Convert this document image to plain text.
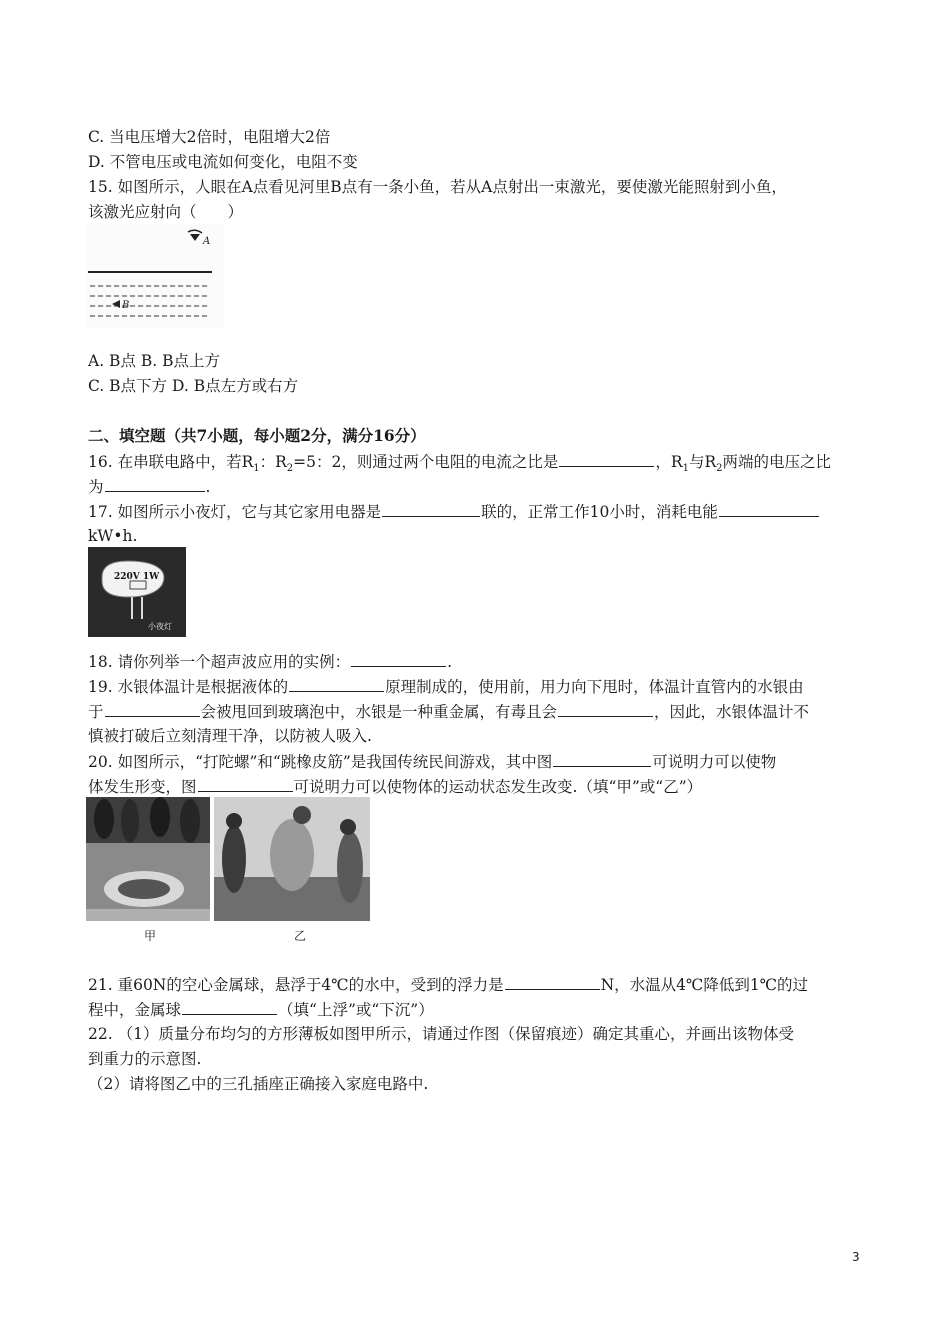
C. 当电压增大2倍时，电阻增大2倍
D. 不管电压或电流如何变化，电阻不变
15. 如图所示，人眼在A点看见河里B点有一条小鱼，若从A点射出一束激光，要使激光能照射到小鱼，
该激光应射向（　　）
A
B
A. B点 B. B点上方
C. B点下方 D. B点左方或右方
二、填空题（共7小题，每小题2分，满分16分）
16. 在串联电路中，若$R_1$：$R_2=5$：2，则通过两个电阻的电流之比是	，$R_1$与$R_2$两端的电压之比
为	.
17. 如图所示小夜灯，它与其它家用电器是	联的，正常工作10小时，消耗电能
kW•h.
220V 1W
小夜灯
18. 请你列举一个超声波应用的实例：	.
19. 水银体温计是根据液体的	原理制成的，使用前，用力向下甩时，体温计直管内的水银由
于	会被甩回到玻璃泡中，水银是一种重金属，有毒且会	，因此，水银体温计不
慎被打破后立刻清理干净，以防被人吸入.
20. 如图所示，“打陀螺”和“跳橡皮筋”是我国传统民间游戏，其中图	可说明力可以使物
体发生形变，图	可说明力可以使物体的运动状态发生改变.（填“甲”或“乙”）
甲	乙
21. 重60N的空心金属球，悬浮于4℃的水中，受到的浮力是	N，水温从4℃降低到1℃的过
程中，金属球	（填“上浮”或“下沉”）
22. （1）质量分布均匀的方形薄板如图甲所示，请通过作图（保留痕迹）确定其重心，并画出该物体受
到重力的示意图.
（2）请将图乙中的三孔插座正确接入家庭电路中.
3
